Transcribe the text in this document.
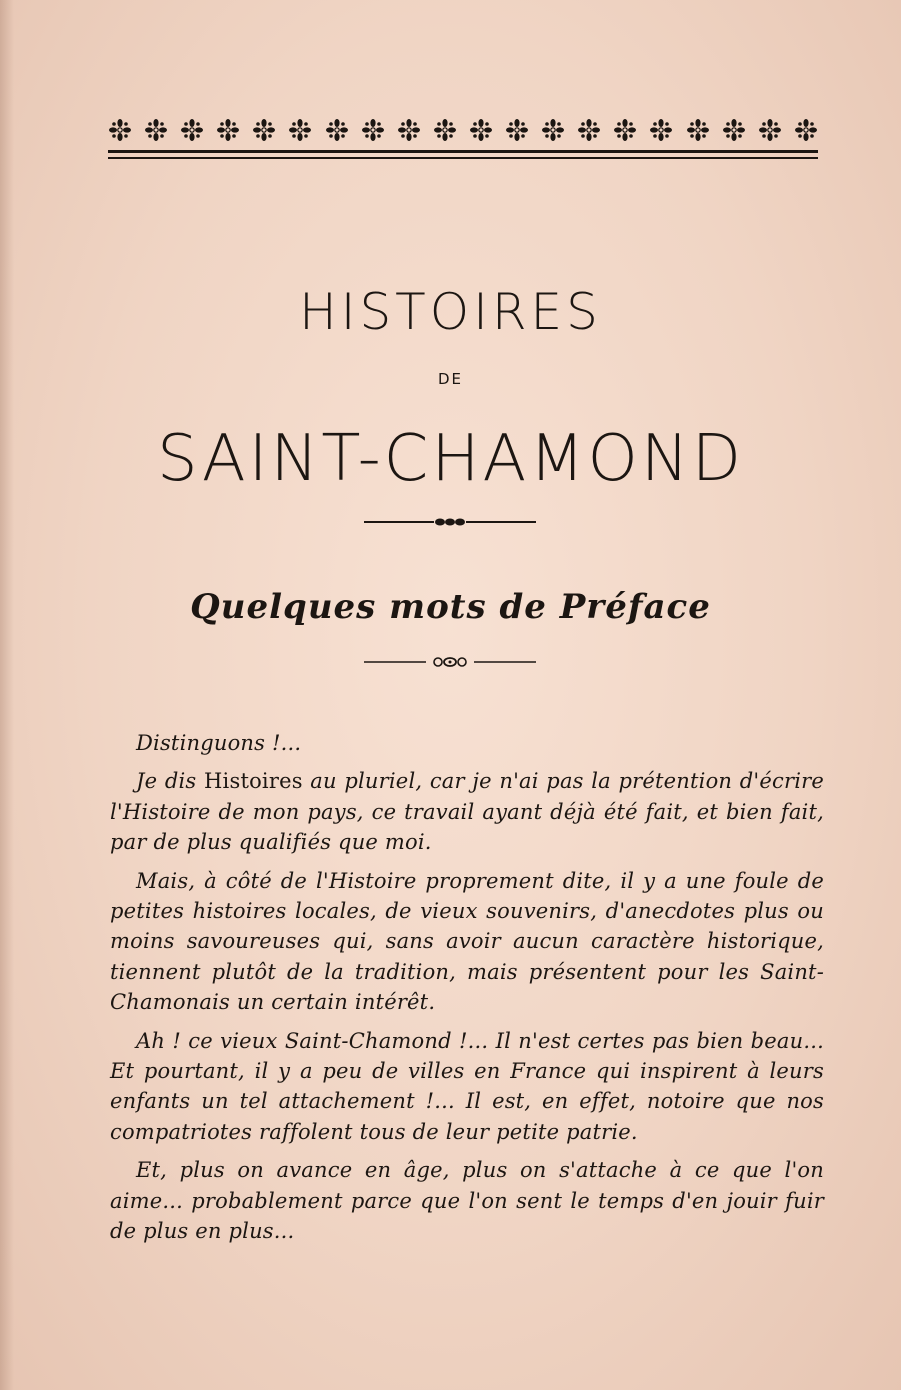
HISTOIRES
DE
SAINT-CHAMOND
Quelques mots de Préface

Distinguons !...

Je dis Histoires au pluriel, car je n'ai pas la prétention d'écrire l'Histoire de mon pays, ce travail ayant déjà été fait, et bien fait, par de plus qualifiés que moi.

Mais, à côté de l'Histoire proprement dite, il y a une foule de petites histoires locales, de vieux souvenirs, d'anecdotes plus ou moins savoureuses qui, sans avoir aucun caractère historique, tiennent plutôt de la tradition, mais présentent pour les Saint-Chamonais un certain intérêt.

Ah ! ce vieux Saint-Chamond !... Il n'est certes pas bien beau... Et pourtant, il y a peu de villes en France qui inspirent à leurs enfants un tel attachement !... Il est, en effet, notoire que nos compatriotes raffolent tous de leur petite patrie.

Et, plus on avance en âge, plus on s'attache à ce que l'on aime... probablement parce que l'on sent le temps d'en jouir fuir de plus en plus...
